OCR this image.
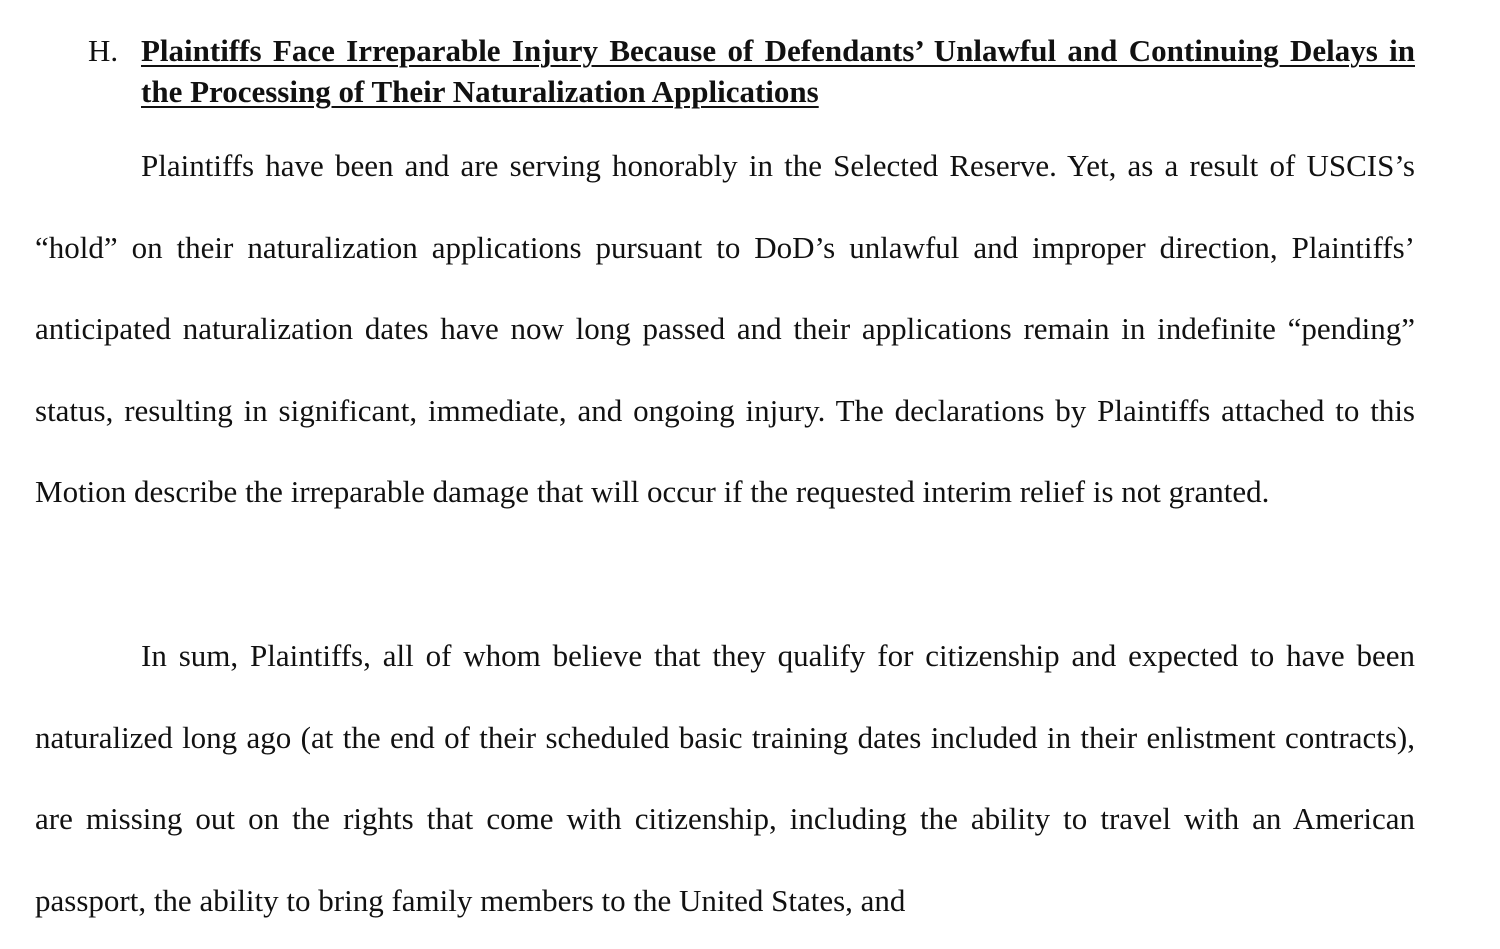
H. Plaintiffs Face Irreparable Injury Because of Defendants’ Unlawful and Continuing Delays in the Processing of Their Naturalization Applications

Plaintiffs have been and are serving honorably in the Selected Reserve. Yet, as a result of USCIS’s “hold” on their naturalization applications pursuant to DoD’s unlawful and improper direction, Plaintiffs’ anticipated naturalization dates have now long passed and their applications remain in indefinite “pending” status, resulting in significant, immediate, and ongoing injury. The declarations by Plaintiffs attached to this Motion describe the irreparable damage that will occur if the requested interim relief is not granted.

In sum, Plaintiffs, all of whom believe that they qualify for citizenship and expected to have been naturalized long ago (at the end of their scheduled basic training dates included in their enlistment contracts), are missing out on the rights that come with citizenship, including the ability to travel with an American passport, the ability to bring family members to the United States, and
